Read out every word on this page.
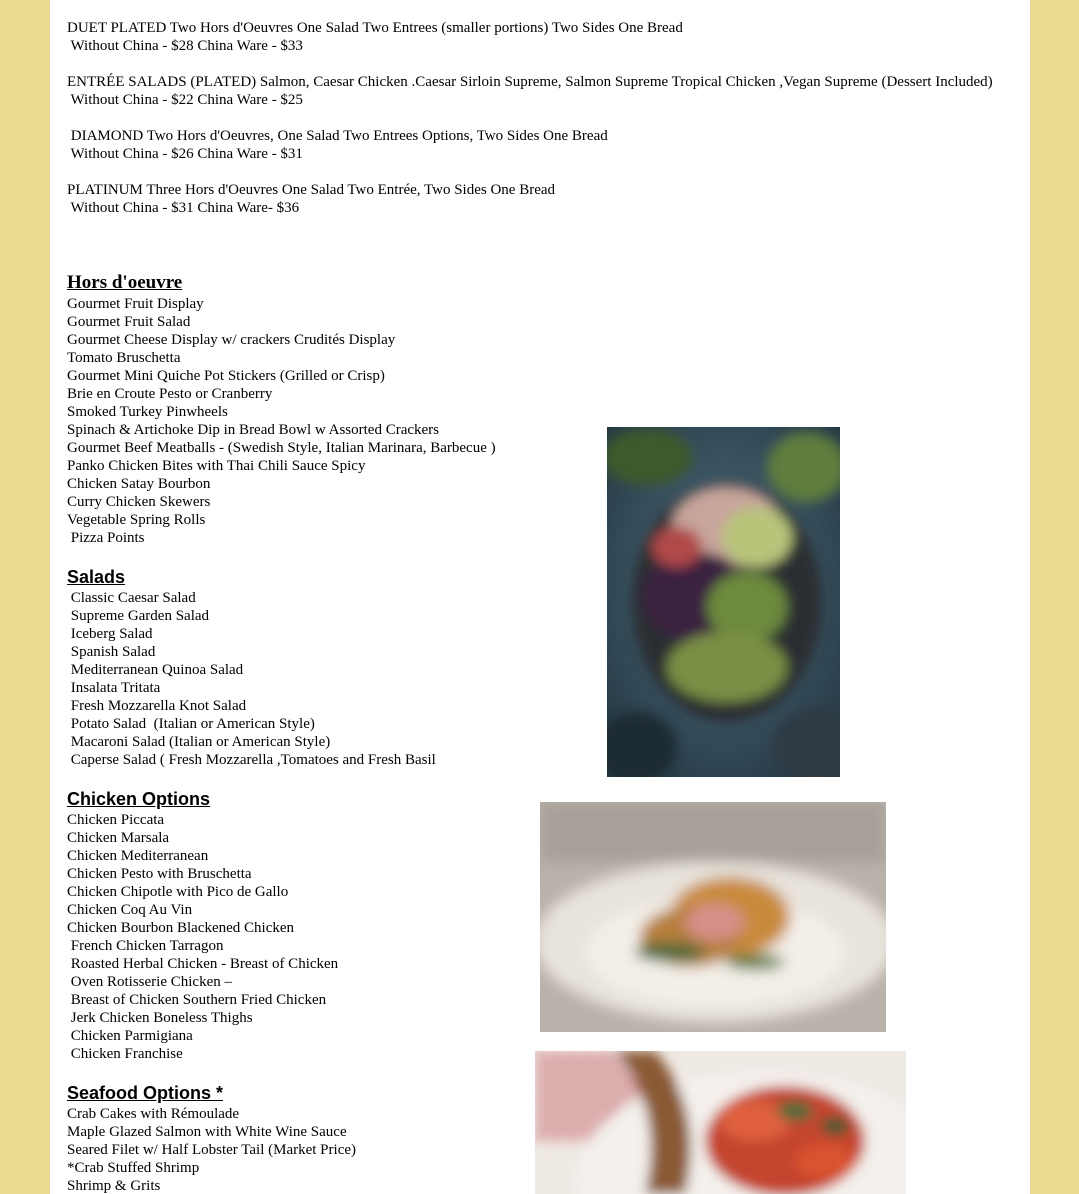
DUET PLATED Two Hors d'Oeuvres One Salad Two Entrees (smaller portions) Two Sides One Bread
Without China - $28 China Ware - $33
ENTRÉE SALADS (PLATED) Salmon, Caesar Chicken .Caesar Sirloin Supreme, Salmon Supreme Tropical Chicken ,Vegan Supreme (Dessert Included)
Without China - $22 China Ware - $25
DIAMOND Two Hors d'Oeuvres, One Salad Two Entrees Options, Two Sides One Bread
Without China - $26 China Ware - $31
PLATINUM Three Hors d'Oeuvres One Salad Two Entrée, Two Sides One Bread
Without China - $31 China Ware- $36
Hors d'oeuvre
Gourmet Fruit Display
Gourmet Fruit Salad
Gourmet Cheese Display w/ crackers Crudités Display
Tomato Bruschetta
Gourmet Mini Quiche Pot Stickers (Grilled or Crisp)
Brie en Croute Pesto or Cranberry
Smoked Turkey Pinwheels
Spinach & Artichoke Dip in Bread Bowl w Assorted Crackers
Gourmet Beef Meatballs - (Swedish Style, Italian Marinara, Barbecue )
Panko Chicken Bites with Thai Chili Sauce Spicy
Chicken Satay Bourbon
Curry Chicken Skewers
Vegetable Spring Rolls
Pizza Points
Salads
Classic Caesar Salad
Supreme Garden Salad
Iceberg Salad
Spanish Salad
Mediterranean Quinoa Salad
Insalata Tritata
Fresh Mozzarella Knot Salad
Potato Salad  (Italian or American Style)
Macaroni Salad (Italian or American Style)
Caperse Salad ( Fresh Mozzarella ,Tomatoes and Fresh Basil
Chicken Options
Chicken Piccata
Chicken Marsala
Chicken Mediterranean
Chicken Pesto with Bruschetta
Chicken Chipotle with Pico de Gallo
Chicken Coq Au Vin
Chicken Bourbon Blackened Chicken
French Chicken Tarragon
Roasted Herbal Chicken - Breast of Chicken
Oven Rotisserie Chicken –
Breast of Chicken Southern Fried Chicken
Jerk Chicken Boneless Thighs
Chicken Parmigiana
Chicken Franchise
Seafood Options *
Crab Cakes with Rémoulade
Maple Glazed Salmon with White Wine Sauce
Seared Filet w/ Half Lobster Tail (Market Price)
*Crab Stuffed Shrimp
Shrimp & Grits
